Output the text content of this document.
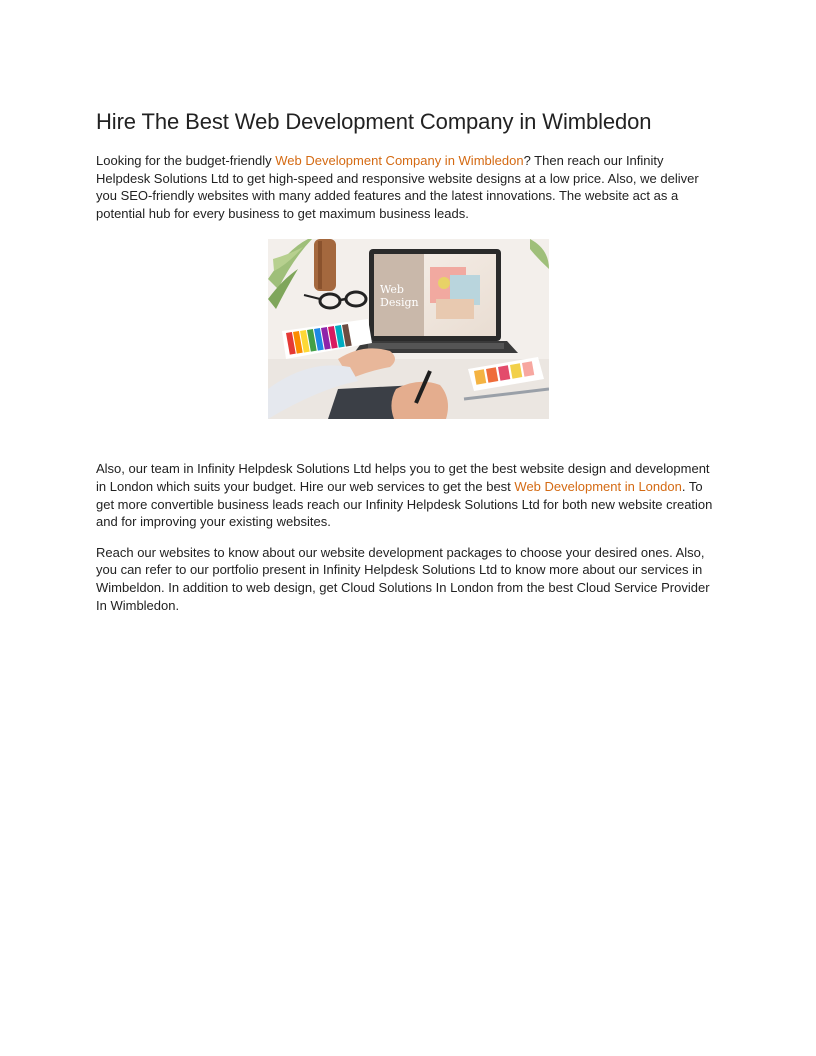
Hire The Best Web Development Company in Wimbledon

Looking for the budget-friendly Web Development Company in Wimbledon? Then reach our Infinity Helpdesk Solutions Ltd to get high-speed and responsive website designs at a low price. Also, we deliver you SEO-friendly websites with many added features and the latest innovations. The website act as a potential hub for every business to get maximum business leads.

Web
Design

Also, our team in Infinity Helpdesk Solutions Ltd helps you to get the best website design and development in London which suits your budget. Hire our web services to get the best Web Development in London. To get more convertible business leads reach our Infinity Helpdesk Solutions Ltd for both new website creation and for improving your existing websites.

Reach our websites to know about our website development packages to choose your desired ones. Also, you can refer to our portfolio present in Infinity Helpdesk Solutions Ltd to know more about our services in Wimbeldon. In addition to web design, get Cloud Solutions In London from the best Cloud Service Provider In Wimbledon.
